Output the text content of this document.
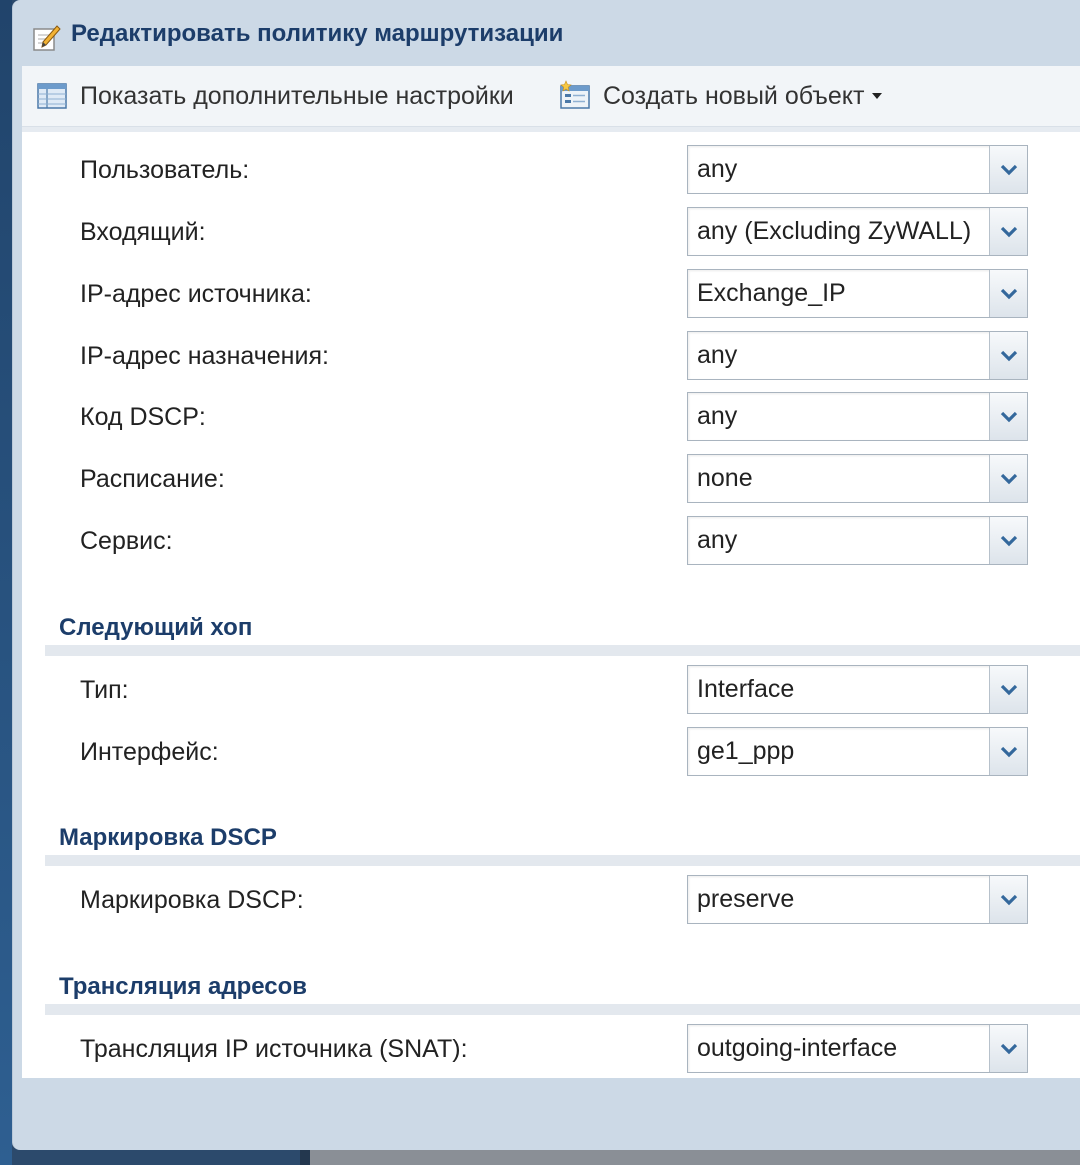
Редактировать политику маршрутизации
Показать дополнительные настройки	Создать новый объект
Пользователь:	any
Входящий:	any (Excluding ZyWALL)
IP-адрес источника:	Exchange_IP
IP-адрес назначения:	any
Код DSCP:	any
Расписание:	none
Сервис:	any
Следующий хоп
Тип:	Interface
Интерфейс:	ge1_ppp
Маркировка DSCP
Маркировка DSCP:	preserve
Трансляция адресов
Трансляция IP источника (SNAT):	outgoing-interface
